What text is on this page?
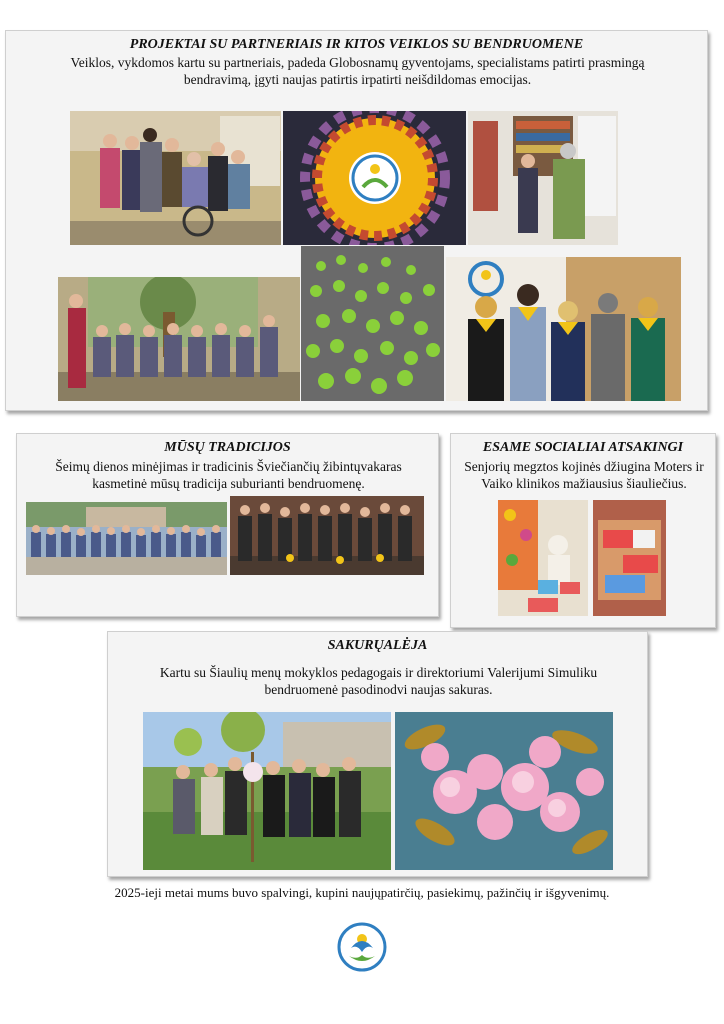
PROJEKTAI SU PARTNERIAIS IR KITOS VEIKLOS SU BENDRUOMENE
Veiklos, vykdomos kartu su partneriais, padeda Globosnamų gyventojams, specialistams patirti prasmingą bendravimą, įgyti naujas patirtis irpatirti neišdildomas emocijas.
MŪSŲ TRADICIJOS
Šeimų dienos minėjimas ir tradicinis Šviečiančių žibintųvakaras kasmetinė mūsų tradicija suburianti bendruomenę.
ESAME SOCIALIAI ATSAKINGI
Senjorių megztos kojinės džiugina Moters ir Vaiko klinikos mažiausius šiauliečius.
SAKURŲALĖJA
Kartu su Šiaulių menų mokyklos pedagogais ir direktoriumi Valerijumi Simuliku bendruomenė pasodinodvi naujas sakuras.
2025-ieji metai mums buvo spalvingi, kupini naujųpatirčių, pasiekimų, pažinčių ir išgyvenimų.
